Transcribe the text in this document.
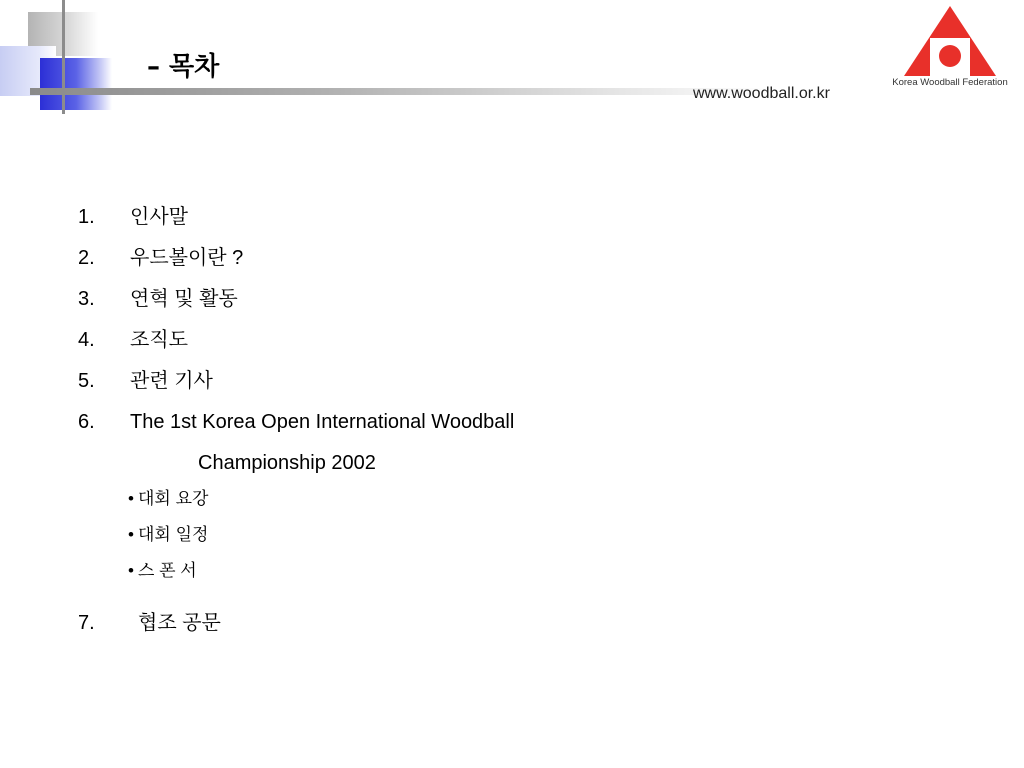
– 목차
www.woodball.or.kr
Korea Woodball Federation
1. 인사말
2. 우드볼이란 ?
3. 연혁 및 활동
4. 조직도
5. 관련 기사
6. The 1st Korea Open International Woodball
Championship 2002
• 대회 요강
• 대회 일정
• 스 폰 서
7. 협조 공문
